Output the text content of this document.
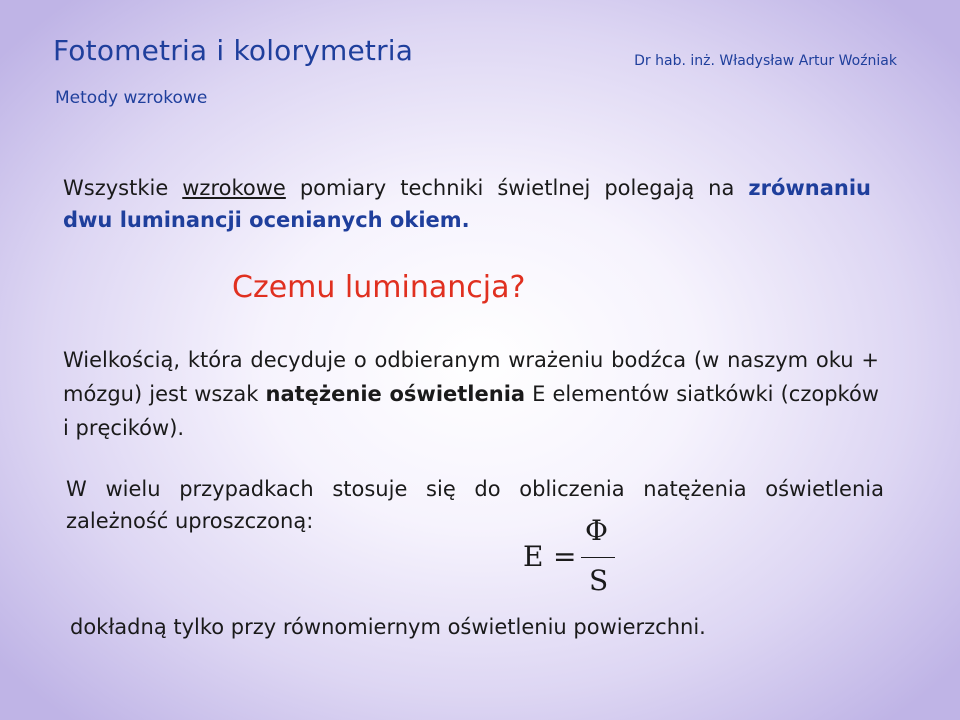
Fotometria i kolorymetria	Dr hab. inż. Władysław Artur Woźniak
Metody wzrokowe

Wszystkie wzrokowe pomiary techniki świetlnej polegają na zrównaniu dwu luminancji ocenianych okiem.

Czemu luminancja?

Wielkością, która decyduje o odbieranym wrażeniu bodźca (w naszym oku + mózgu) jest wszak natężenie oświetlenia E elementów siatkówki (czopków i pręcików).

W wielu przypadkach stosuje się do obliczenia natężenia oświetlenia zależność uproszczoną:

E =
Φ
S

dokładną tylko przy równomiernym oświetleniu powierzchni.
